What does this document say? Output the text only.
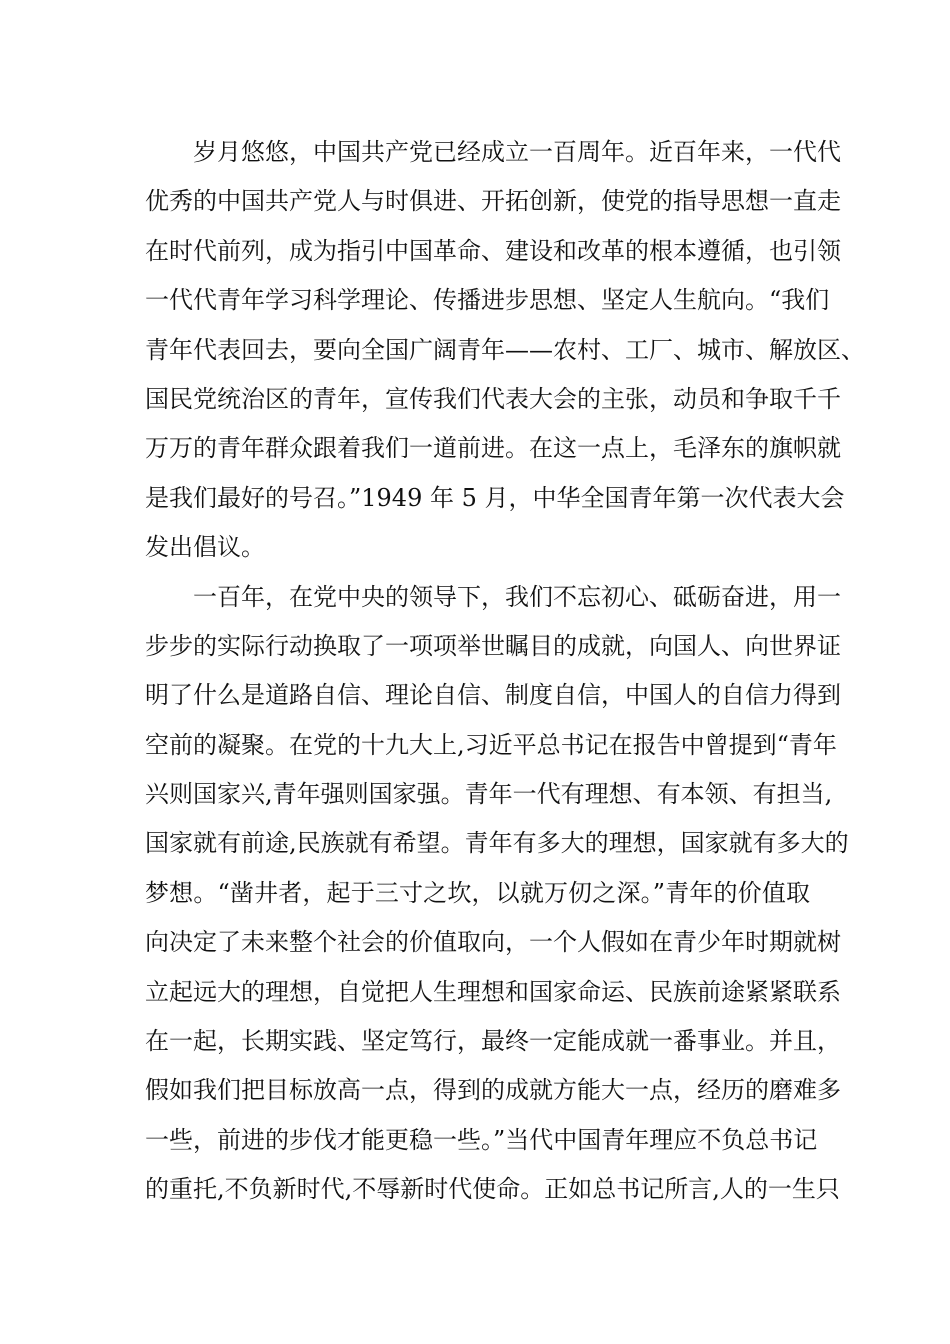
岁月悠悠，中国共产党已经成立一百周年。近百年来，一代代
优秀的中国共产党人与时俱进、开拓创新，使党的指导思想一直走
在时代前列，成为指引中国革命、建设和改革的根本遵循，也引领
一代代青年学习科学理论、传播进步思想、坚定人生航向。“我们
青年代表回去，要向全国广阔青年——农村、工厂、城市、解放区、
国民党统治区的青年，宣传我们代表大会的主张，动员和争取千千
万万的青年群众跟着我们一道前进。在这一点上，毛泽东的旗帜就
是我们最好的号召。”1949 年 5 月，中华全国青年第一次代表大会
发出倡议。
一百年，在党中央的领导下，我们不忘初心、砥砺奋进，用一
步步的实际行动换取了一项项举世瞩目的成就，向国人、向世界证
明了什么是道路自信、理论自信、制度自信，中国人的自信力得到
空前的凝聚。在党的十九大上,习近平总书记在报告中曾提到“青年
兴则国家兴,青年强则国家强。青年一代有理想、有本领、有担当,
国家就有前途,民族就有希望。青年有多大的理想，国家就有多大的
梦想。“凿井者，起于三寸之坎，以就万仞之深。”青年的价值取
向决定了未来整个社会的价值取向，一个人假如在青少年时期就树
立起远大的理想，自觉把人生理想和国家命运、民族前途紧紧联系
在一起，长期实践、坚定笃行，最终一定能成就一番事业。并且，
假如我们把目标放高一点，得到的成就方能大一点，经历的磨难多
一些，前进的步伐才能更稳一些。”当代中国青年理应不负总书记
的重托,不负新时代,不辱新时代使命。正如总书记所言,人的一生只
